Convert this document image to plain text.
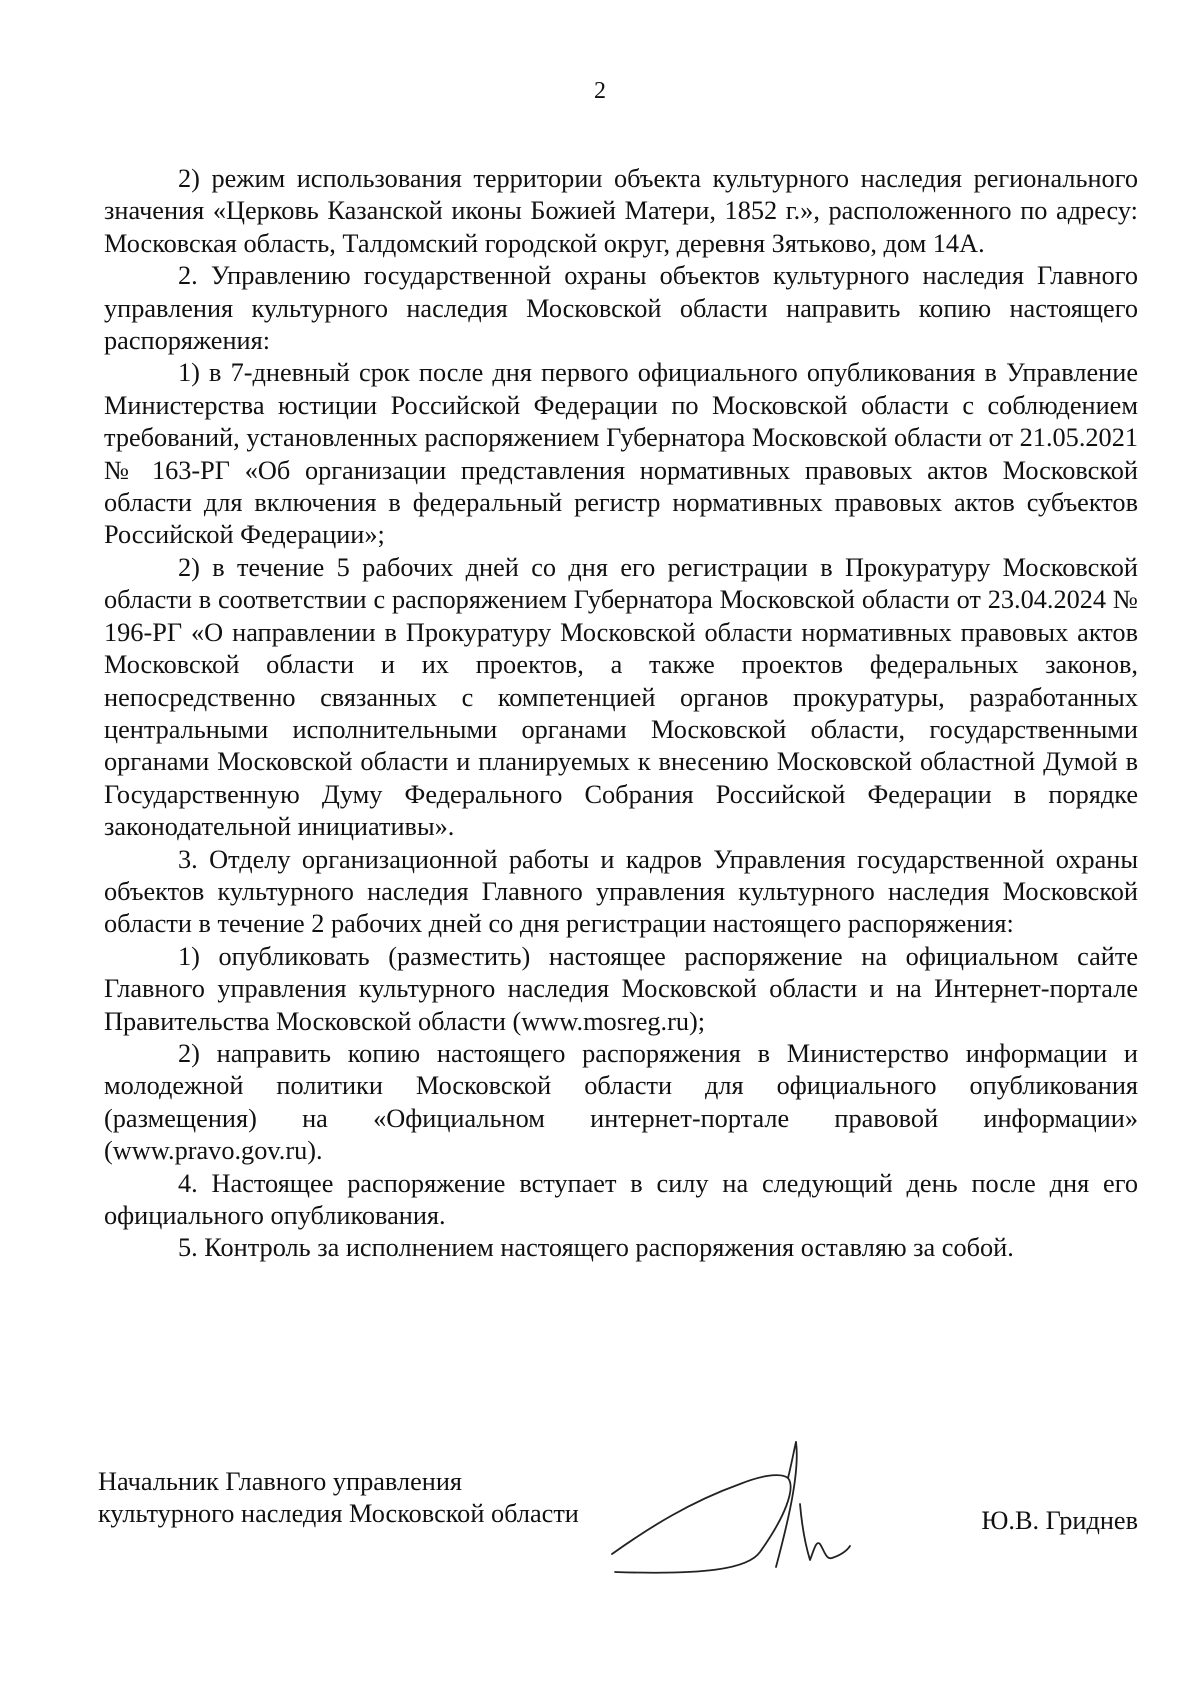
2

2) режим использования территории объекта культурного наследия регионального значения «Церковь Казанской иконы Божией Матери, 1852 г.», расположенного по адресу: Московская область, Талдомский городской округ, деревня Зятьково, дом 14А.

2. Управлению государственной охраны объектов культурного наследия Главного управления культурного наследия Московской области направить копию настоящего распоряжения:

1) в 7-дневный срок после дня первого официального опубликования в Управление Министерства юстиции Российской Федерации по Московской области с соблюдением требований, установленных распоряжением Губернатора Московской области от 21.05.2021 № 163-РГ «Об организации представления нормативных правовых актов Московской области для включения в федеральный регистр нормативных правовых актов субъектов Российской Федерации»;

2) в течение 5 рабочих дней со дня его регистрации в Прокуратуру Московской области в соответствии с распоряжением Губернатора Московской области от 23.04.2024 № 196-РГ «О направлении в Прокуратуру Московской области нормативных правовых актов Московской области и их проектов, а также проектов федеральных законов, непосредственно связанных с компетенцией органов прокуратуры, разработанных центральными исполнительными органами Московской области, государственными органами Московской области и планируемых к внесению Московской областной Думой в Государственную Думу Федерального Собрания Российской Федерации в порядке законодательной инициативы».

3. Отделу организационной работы и кадров Управления государственной охраны объектов культурного наследия Главного управления культурного наследия Московской области в течение 2 рабочих дней со дня регистрации настоящего распоряжения:

1) опубликовать (разместить) настоящее распоряжение на официальном сайте Главного управления культурного наследия Московской области и на Интернет-портале Правительства Московской области (www.mosreg.ru);

2) направить копию настоящего распоряжения в Министерство информации и молодежной политики Московской области для официального опубликования (размещения) на «Официальном интернет-портале правовой информации» (www.pravo.gov.ru).

4. Настоящее распоряжение вступает в силу на следующий день после дня его официального опубликования.

5. Контроль за исполнением настоящего распоряжения оставляю за собой.

Начальник Главного управления
культурного наследия Московской области	Ю.В. Гриднев
